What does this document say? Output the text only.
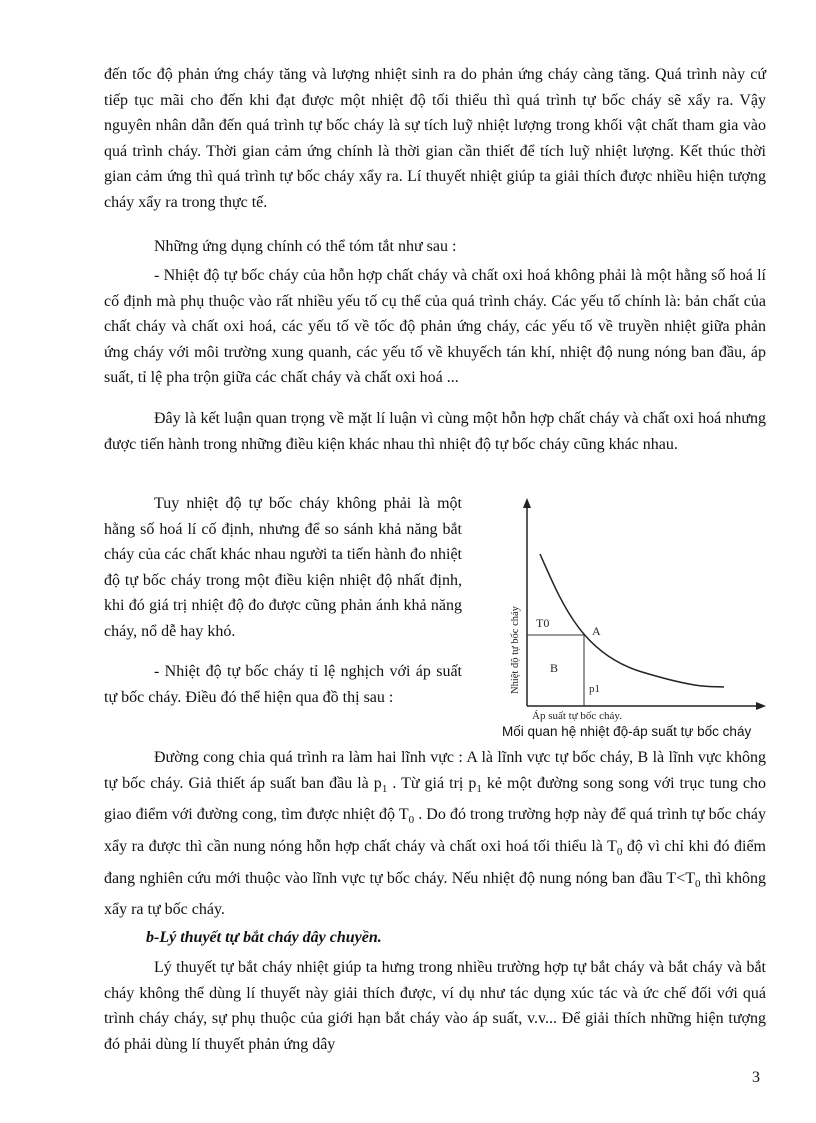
đến tốc độ phản ứng cháy tăng và lượng nhiệt sinh ra do phản ứng cháy càng tăng. Quá trình này cứ tiếp tục mãi cho đến khi đạt được một nhiệt độ tối thiểu thì quá trình tự bốc cháy sẽ xẩy ra. Vậy nguyên nhân dẫn đến quá trình tự bốc cháy là sự tích luỹ nhiệt lượng trong khối vật chất tham gia vào quá trình cháy. Thời gian cảm ứng chính là thời gian cần thiết để tích luỹ nhiệt lượng. Kết thúc thời gian cảm ứng thì quá trình tự bốc cháy xẩy ra. Lí thuyết nhiệt giúp ta giải thích được nhiều hiện tượng cháy xẩy ra trong thực tế.

Những ứng dụng chính có thể tóm tắt như sau :

- Nhiệt độ tự bốc cháy của hỗn hợp chất cháy và chất oxi hoá không phải là một hằng số hoá lí cố định mà phụ thuộc vào rất nhiều yếu tố cụ thể của quá trình cháy. Các yếu tố chính là: bản chất của chất cháy và chất oxi hoá, các yếu tố về tốc độ phản ứng cháy, các yếu tố về truyền nhiệt giữa phản ứng cháy với môi trường xung quanh, các yếu tố về khuyếch tán khí, nhiệt độ nung nóng ban đầu, áp suất, tỉ lệ pha trộn giữa các chất cháy và chất oxi hoá ...

Đây là kết luận quan trọng về mặt lí luận vì cùng một hỗn hợp chất cháy và chất oxi hoá nhưng được tiến hành trong những điều kiện khác nhau thì nhiệt độ tự bốc cháy cũng khác nhau.

Tuy nhiệt độ tự bốc cháy không phải là một hằng số hoá lí cố định, nhưng để so sánh khả năng bắt cháy của các chất khác nhau người ta tiến hành đo nhiệt độ tự bốc cháy trong một điều kiện nhiệt độ nhất định, khi đó giá trị nhiệt độ đo được cũng phản ánh khả năng cháy, nổ dễ hay khó.

- Nhiệt độ tự bốc cháy tỉ lệ nghịch với áp suất tự bốc cháy. Điều đó thể hiện qua đồ thị sau :

T0
A
B
p1
Áp suất tự bốc cháy.
Nhiệt độ tự bốc cháy
Mối quan hệ nhiệt độ-áp suất tự bốc cháy

Đường cong chia quá trình ra làm hai lĩnh vực : A là lĩnh vực tự bốc cháy, B là lĩnh vực không tự bốc cháy. Giả thiết áp suất ban đầu là $p_1$ . Từ giá trị $p_1$ kẻ một đường song song với trục tung cho giao điểm với đường cong, tìm được nhiệt độ $T_0$ . Do đó trong trường hợp này để quá trình tự bốc cháy xẩy ra được thì cần nung nóng hỗn hợp chất cháy và chất oxi hoá tối thiểu là $T_0$ độ vì chỉ khi đó điểm đang nghiên cứu mới thuộc vào lĩnh vực tự bốc cháy. Nếu nhiệt độ nung nóng ban đầu $T<T_0$ thì không xẩy ra tự bốc cháy.

b-Lý thuyết tự bắt cháy dây chuyền.

Lý thuyết tự bắt cháy nhiệt giúp ta hưng trong nhiều trường hợp tự bắt cháy và bắt cháy và bắt cháy không thể dùng lí thuyết này giải thích được, ví dụ như tác dụng xúc tác và ức chế đối với quá trình cháy cháy, sự phụ thuộc của giới hạn bắt cháy vào áp suất, v.v... Để giải thích những hiện tượng đó phải dùng lí thuyết phản ứng dây

3
